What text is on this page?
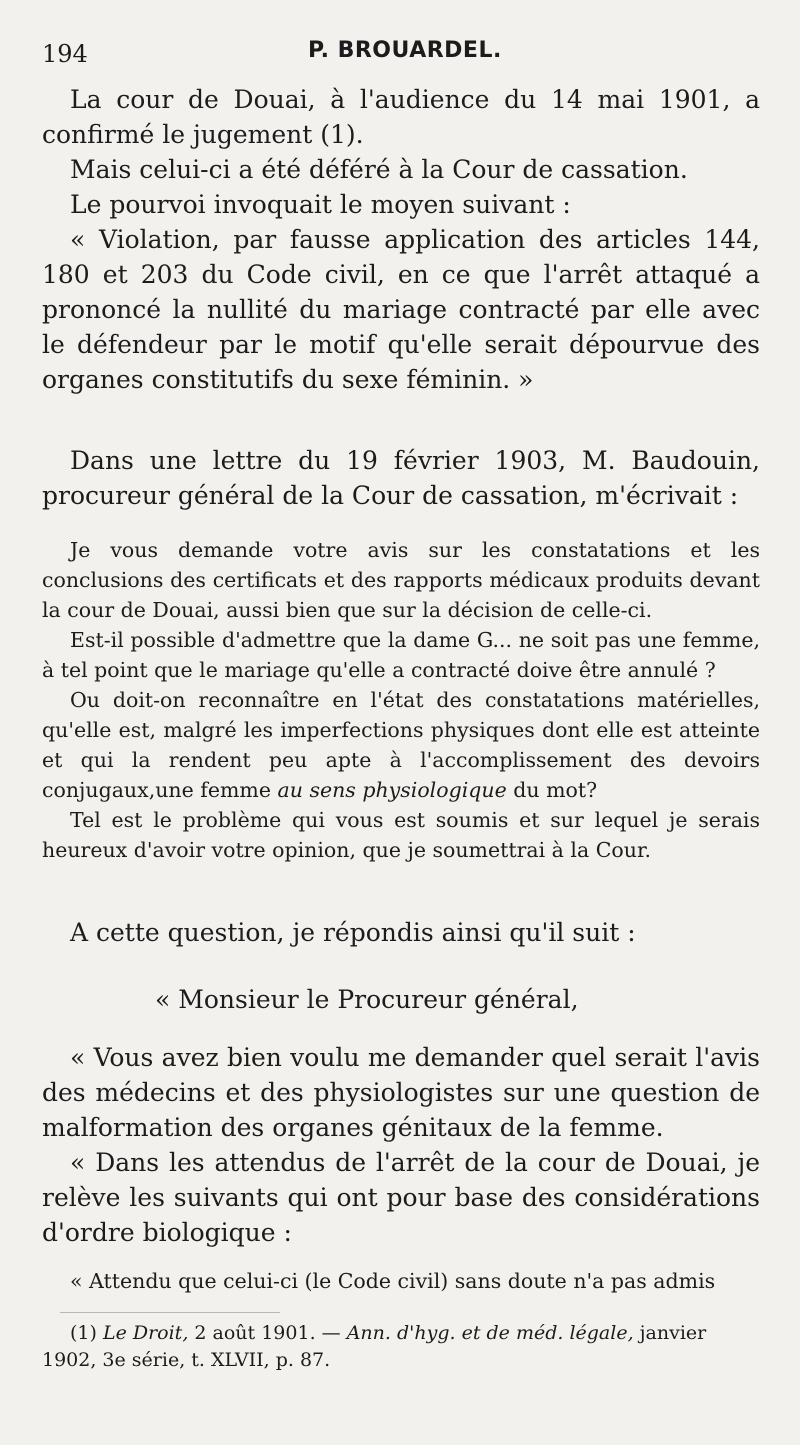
194	P. BROUARDEL.

La cour de Douai, à l'audience du 14 mai 1901, a confirmé le jugement (1).

Mais celui-ci a été déféré à la Cour de cassation.

Le pourvoi invoquait le moyen suivant :

« Violation, par fausse application des articles 144, 180 et 203 du Code civil, en ce que l'arrêt attaqué a prononcé la nullité du mariage contracté par elle avec le défendeur par le motif qu'elle serait dépourvue des organes constitutifs du sexe féminin. »

Dans une lettre du 19 février 1903, M. Baudouin, procureur général de la Cour de cassation, m'écrivait :

Je vous demande votre avis sur les constatations et les conclusions des certificats et des rapports médicaux produits devant la cour de Douai, aussi bien que sur la décision de celle-ci.

Est-il possible d'admettre que la dame G... ne soit pas une femme, à tel point que le mariage qu'elle a contracté doive être annulé ?

Ou doit-on reconnaître en l'état des constatations matérielles, qu'elle est, malgré les imperfections physiques dont elle est atteinte et qui la rendent peu apte à l'accomplissement des devoirs conjugaux,une femme au sens physiologique du mot?

Tel est le problème qui vous est soumis et sur lequel je serais heureux d'avoir votre opinion, que je soumettrai à la Cour.

A cette question, je répondis ainsi qu'il suit :

« Monsieur le Procureur général,

« Vous avez bien voulu me demander quel serait l'avis des médecins et des physiologistes sur une question de malformation des organes génitaux de la femme.

« Dans les attendus de l'arrêt de la cour de Douai, je relève les suivants qui ont pour base des considérations d'ordre biologique :

« Attendu que celui-ci (le Code civil) sans doute n'a pas admis

(1) Le Droit, 2 août 1901. — Ann. d'hyg. et de méd. légale, janvier 1902, 3e série, t. XLVII, p. 87.
